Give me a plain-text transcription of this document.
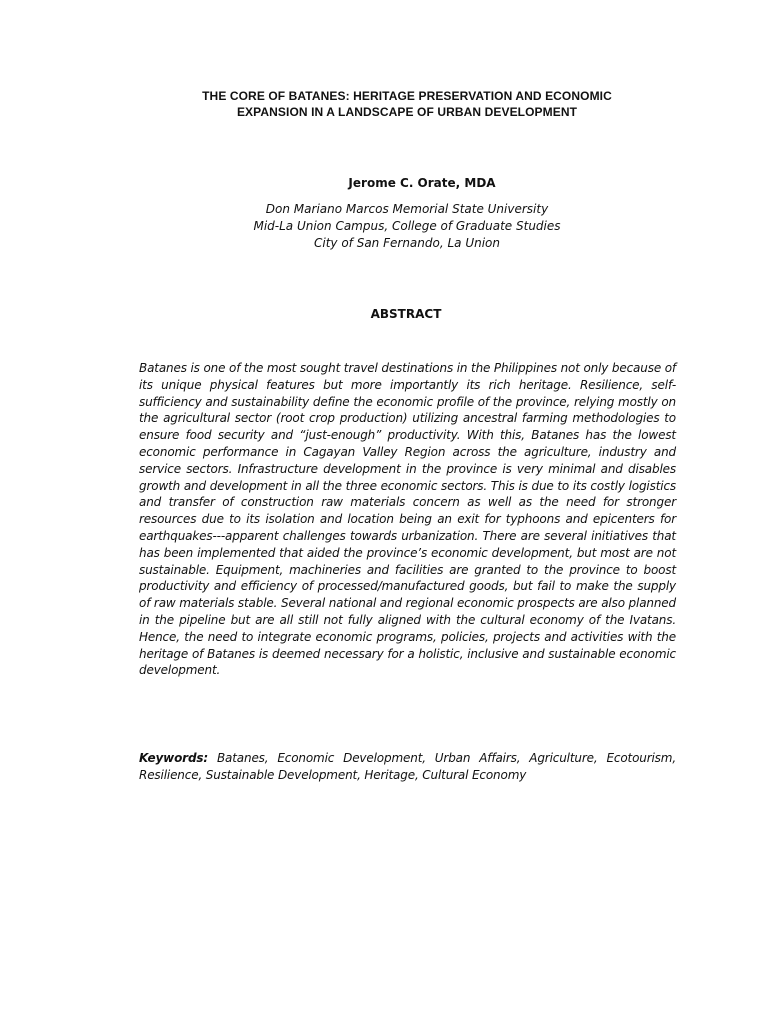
THE CORE OF BATANES: HERITAGE PRESERVATION AND ECONOMIC
EXPANSION IN A LANDSCAPE OF URBAN DEVELOPMENT
Jerome C. Orate, MDA
Don Mariano Marcos Memorial State University
Mid-La Union Campus, College of Graduate Studies
City of San Fernando, La Union
ABSTRACT

Batanes is one of the most sought travel destinations in the Philippines not only because of its unique physical features but more importantly its rich heritage. Resilience, self-sufficiency and sustainability define the economic profile of the province, relying mostly on the agricultural sector (root crop production) utilizing ancestral farming methodologies to ensure food security and “just-enough” productivity. With this, Batanes has the lowest economic performance in Cagayan Valley Region across the agriculture, industry and service sectors. Infrastructure development in the province is very minimal and disables growth and development in all the three economic sectors. This is due to its costly logistics and transfer of construction raw materials concern as well as the need for stronger resources due to its isolation and location being an exit for typhoons and epicenters for earthquakes---apparent challenges towards urbanization. There are several initiatives that has been implemented that aided the province’s economic development, but most are not sustainable. Equipment, machineries and facilities are granted to the province to boost productivity and efficiency of processed/manufactured goods, but fail to make the supply of raw materials stable. Several national and regional economic prospects are also planned in the pipeline but are all still not fully aligned with the cultural economy of the Ivatans. Hence, the need to integrate economic programs, policies, projects and activities with the heritage of Batanes is deemed necessary for a holistic, inclusive and sustainable economic development.

Keywords: Batanes, Economic Development, Urban Affairs, Agriculture, Ecotourism, Resilience, Sustainable Development, Heritage, Cultural Economy
